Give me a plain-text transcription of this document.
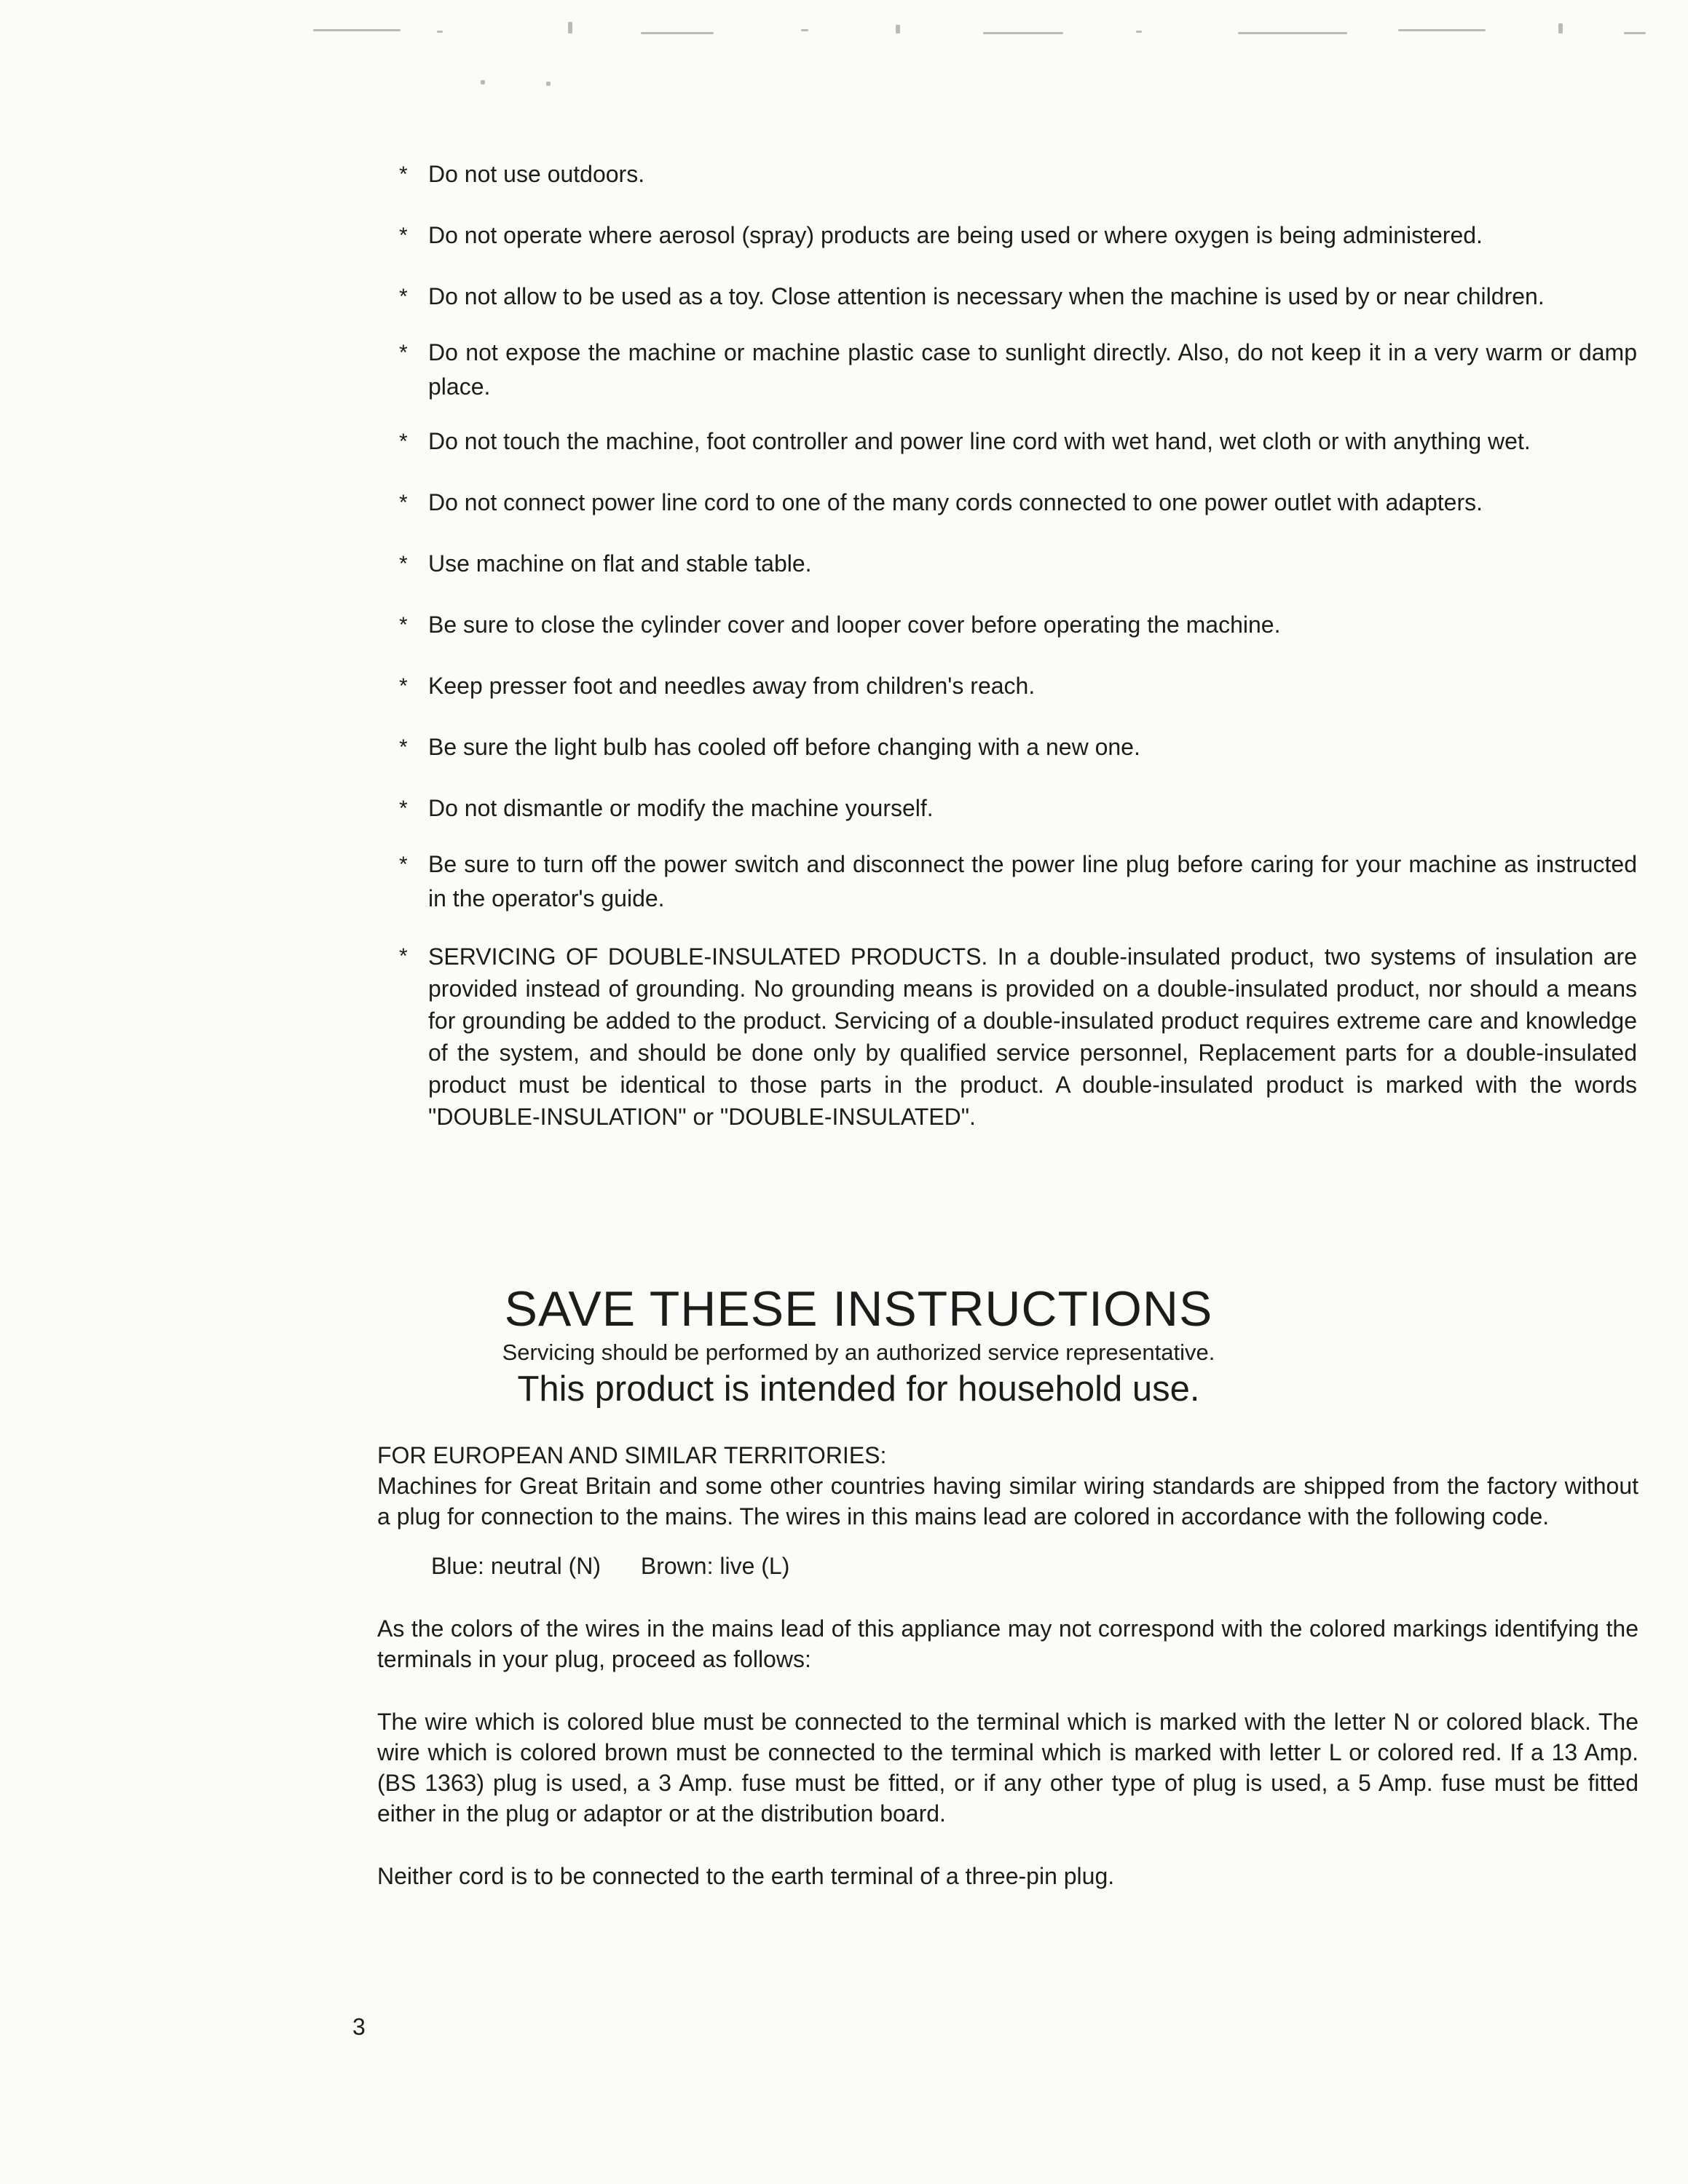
* Do not use outdoors.
* Do not operate where aerosol (spray) products are being used or where oxygen is being administered.
* Do not allow to be used as a toy. Close attention is necessary when the machine is used by or near children.
* Do not expose the machine or machine plastic case to sunlight directly. Also, do not keep it in a very warm or damp place.
* Do not touch the machine, foot controller and power line cord with wet hand, wet cloth or with anything wet.
* Do not connect power line cord to one of the many cords connected to one power outlet with adapters.
* Use machine on flat and stable table.
* Be sure to close the cylinder cover and looper cover before operating the machine.
* Keep presser foot and needles away from children's reach.
* Be sure the light bulb has cooled off before changing with a new one.
* Do not dismantle or modify the machine yourself.
* Be sure to turn off the power switch and disconnect the power line plug before caring for your machine as instructed in the operator's guide.
* SERVICING OF DOUBLE-INSULATED PRODUCTS. In a double-insulated product, two systems of insulation are provided instead of grounding. No grounding means is provided on a double-insulated product, nor should a means for grounding be added to the product. Servicing of a double-insulated product requires extreme care and knowledge of the system, and should be done only by qualified service personnel, Replacement parts for a double-insulated product must be identical to those parts in the product. A double-insulated product is marked with the words "DOUBLE-INSULATION" or "DOUBLE-INSULATED".
SAVE THESE INSTRUCTIONS
Servicing should be performed by an authorized service representative.
This product is intended for household use.

FOR EUROPEAN AND SIMILAR TERRITORIES:

Machines for Great Britain and some other countries having similar wiring standards are shipped from the factory without a plug for connection to the mains. The wires in this mains lead are colored in accordance with the following code.

Blue: neutral (N) Brown: live (L)

As the colors of the wires in the mains lead of this appliance may not correspond with the colored markings identifying the terminals in your plug, proceed as follows:

The wire which is colored blue must be connected to the terminal which is marked with the letter N or colored black. The wire which is colored brown must be connected to the terminal which is marked with letter L or colored red. If a 13 Amp. (BS 1363) plug is used, a 3 Amp. fuse must be fitted, or if any other type of plug is used, a 5 Amp. fuse must be fitted either in the plug or adaptor or at the distribution board.

Neither cord is to be connected to the earth terminal of a three-pin plug.

3
